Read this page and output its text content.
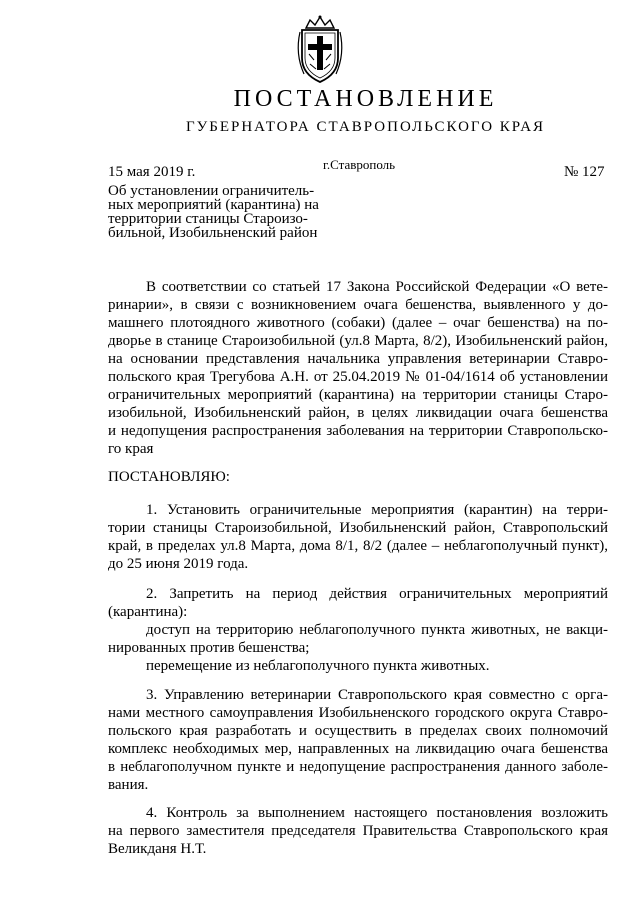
ПОСТАНОВЛЕНИЕ
ГУБЕРНАТОРА СТАВРОПОЛЬСКОГО КРАЯ
15 мая 2019 г.	г.Ставрополь	№ 127
Об установлении ограничитель-
ных мероприятий (карантина) на
территории станицы Староизо-
бильной, Изобильненский район
В соответствии со статьей 17 Закона Российской Федерации «О вете-
ринарии», в связи с возникновением очага бешенства, выявленного у до-
машнего плотоядного животного (собаки) (далее – очаг бешенства) на по-
дворье в станице Староизобильной (ул.8 Марта, 8/2), Изобильненский район,
на основании представления начальника управления ветеринарии Ставро-
польского края Трегубова А.Н. от 25.04.2019 № 01-04/1614 об установлении
ограничительных мероприятий (карантина) на территории станицы Старо-
изобильной, Изобильненский район, в целях ликвидации очага бешенства
и недопущения распространения заболевания на территории Ставропольско-
го края
ПОСТАНОВЛЯЮ:
1. Установить ограничительные мероприятия (карантин) на терри-
тории станицы Староизобильной, Изобильненский район, Ставропольский
край, в пределах ул.8 Марта, дома 8/1, 8/2 (далее – неблагополучный пункт),
до 25 июня 2019 года.
2. Запретить на период действия ограничительных мероприятий
(карантина):
доступ на территорию неблагополучного пункта животных, не вакци-
нированных против бешенства;
перемещение из неблагополучного пункта животных.
3. Управлению ветеринарии Ставропольского края совместно с орга-
нами местного самоуправления Изобильненского городского округа Ставро-
польского края разработать и осуществить в пределах своих полномочий
комплекс необходимых мер, направленных на ликвидацию очага бешенства
в неблагополучном пункте и недопущение распространения данного заболе-
вания.
4. Контроль за выполнением настоящего постановления возложить
на первого заместителя председателя Правительства Ставропольского края
Великданя Н.Т.
